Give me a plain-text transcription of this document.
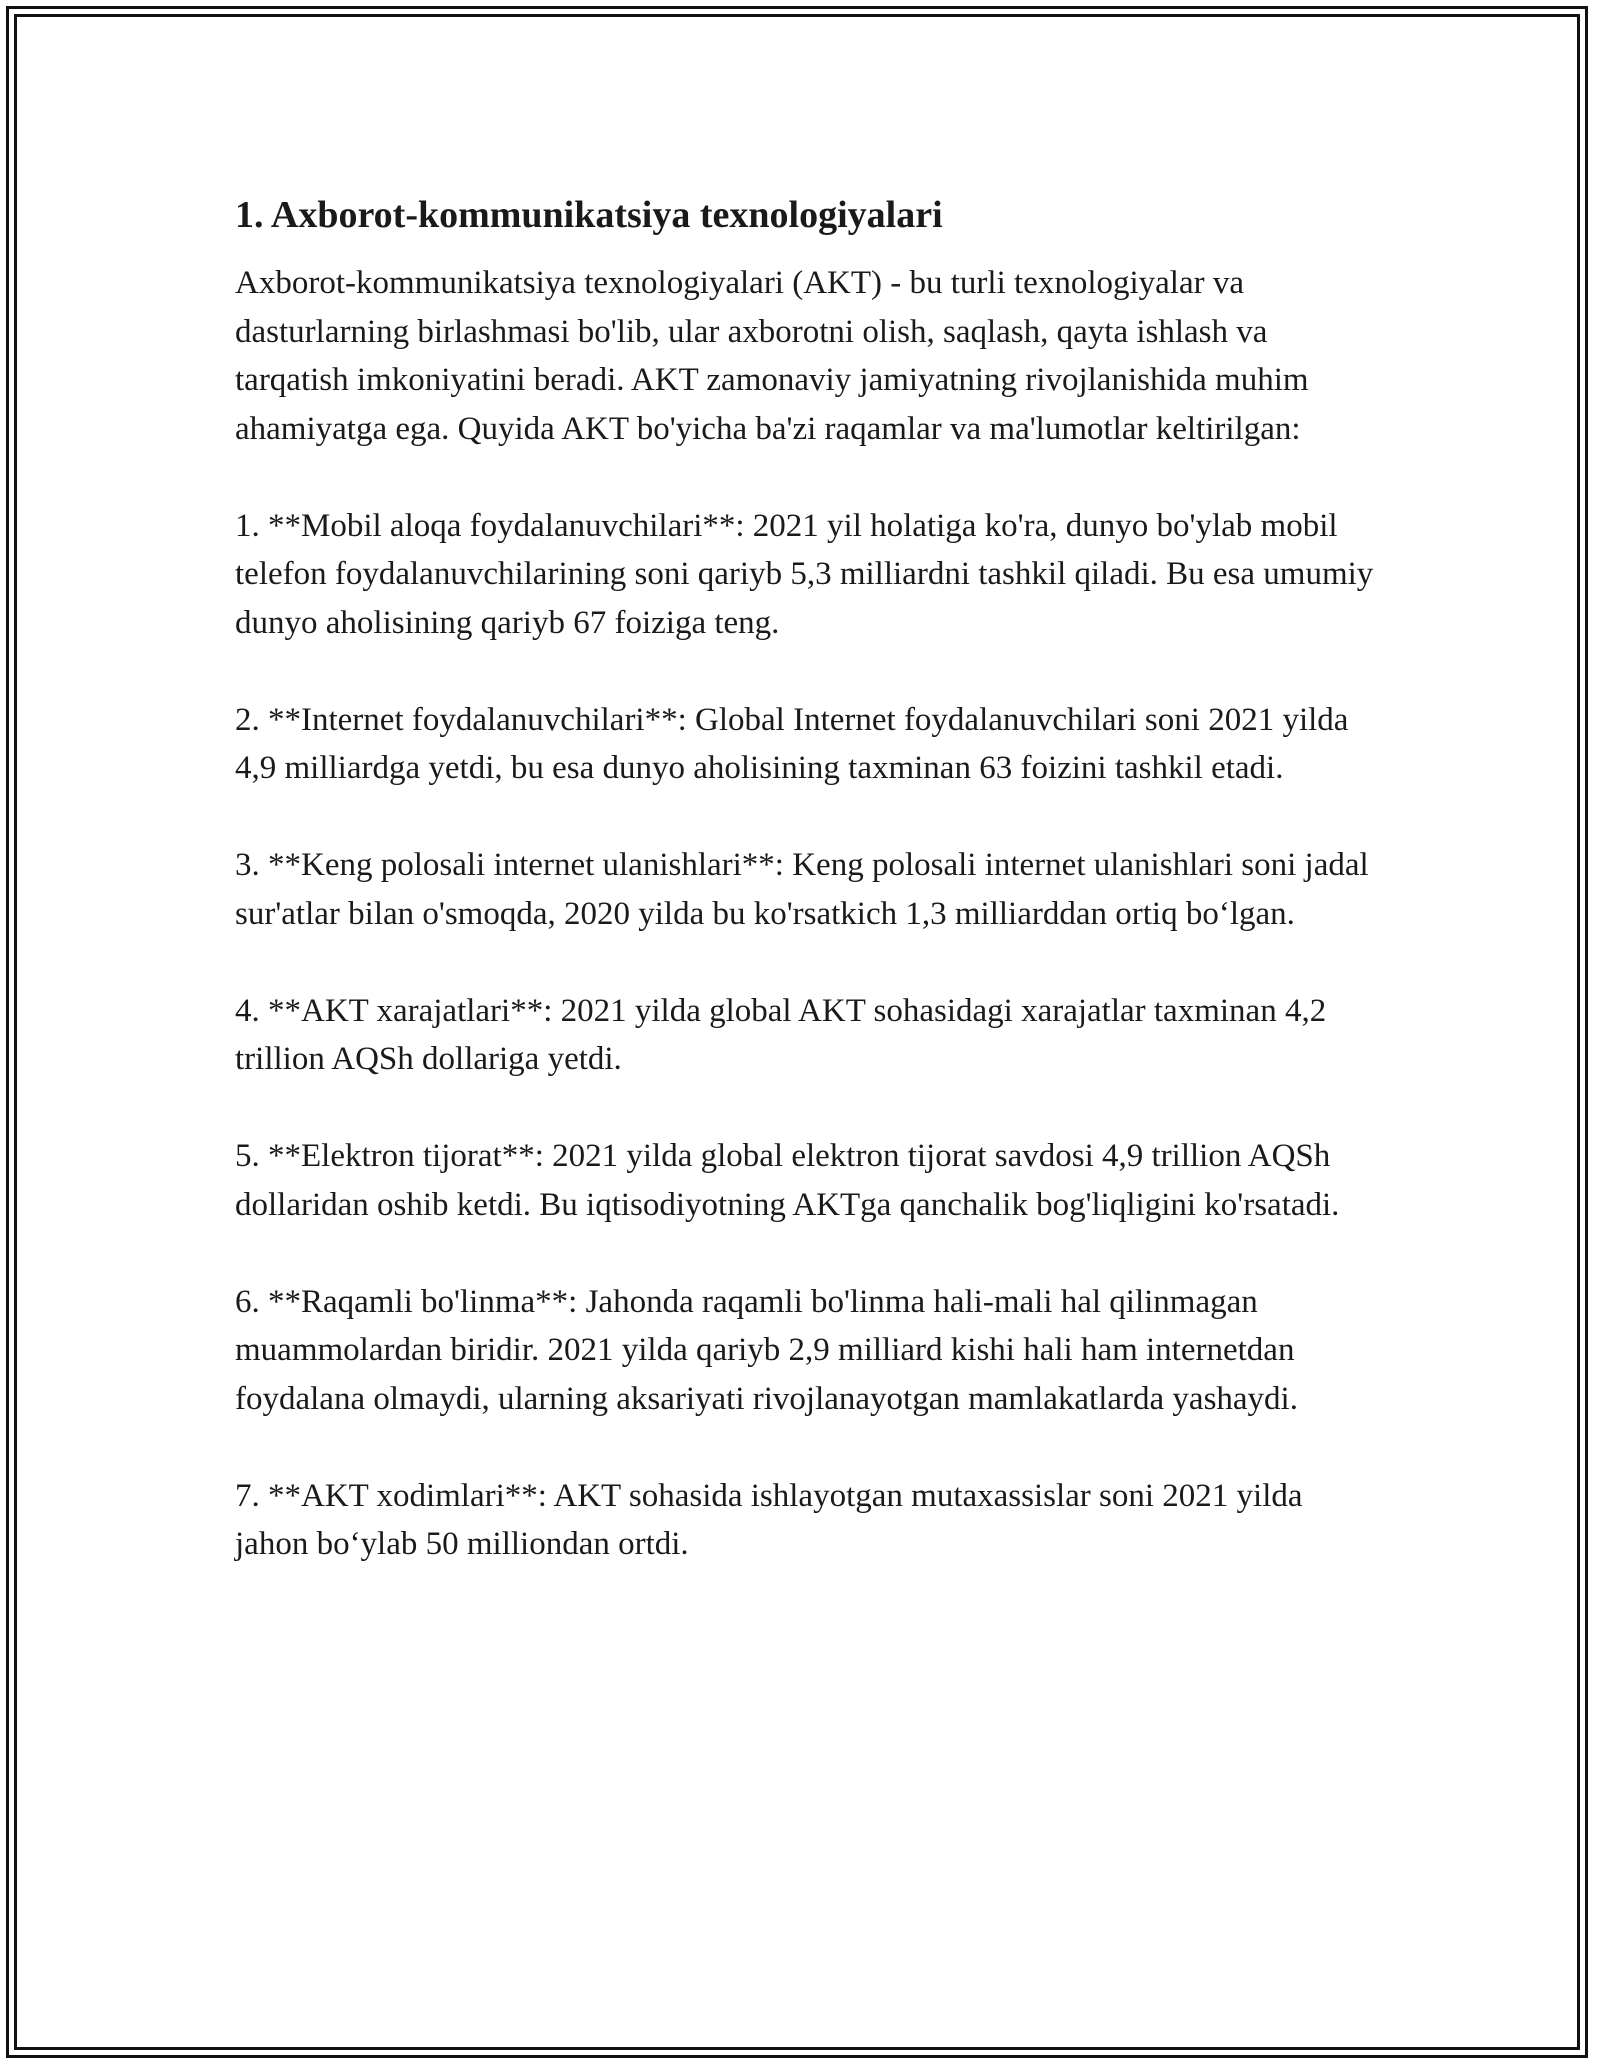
1. Axborot-kommunikatsiya texnologiyalari

Axborot-kommunikatsiya texnologiyalari (AKT) - bu turli texnologiyalar va dasturlarning birlashmasi bo'lib, ular axborotni olish, saqlash, qayta ishlash va tarqatish imkoniyatini beradi. AKT zamonaviy jamiyatning rivojlanishida muhim ahamiyatga ega. Quyida AKT bo'yicha ba'zi raqamlar va ma'lumotlar keltirilgan:

1. **Mobil aloqa foydalanuvchilari**: 2021 yil holatiga ko'ra, dunyo bo'ylab mobil telefon foydalanuvchilarining soni qariyb 5,3 milliardni tashkil qiladi. Bu esa umumiy dunyo aholisining qariyb 67 foiziga teng.

2. **Internet foydalanuvchilari**: Global Internet foydalanuvchilari soni 2021 yilda 4,9 milliardga yetdi, bu esa dunyo aholisining taxminan 63 foizini tashkil etadi.

3. **Keng polosali internet ulanishlari**: Keng polosali internet ulanishlari soni jadal sur'atlar bilan o'smoqda, 2020 yilda bu ko'rsatkich 1,3 milliarddan ortiq bo‘lgan.

4. **AKT xarajatlari**: 2021 yilda global AKT sohasidagi xarajatlar taxminan 4,2 trillion AQSh dollariga yetdi.

5. **Elektron tijorat**: 2021 yilda global elektron tijorat savdosi 4,9 trillion AQSh dollaridan oshib ketdi. Bu iqtisodiyotning AKTga qanchalik bog'liqligini ko'rsatadi.

6. **Raqamli bo'linma**: Jahonda raqamli bo'linma hali-mali hal qilinmagan muammolardan biridir. 2021 yilda qariyb 2,9 milliard kishi hali ham internetdan foydalana olmaydi, ularning aksariyati rivojlanayotgan mamlakatlarda yashaydi.

7. **AKT xodimlari**: AKT sohasida ishlayotgan mutaxassislar soni 2021 yilda jahon bo‘ylab 50 milliondan ortdi.
